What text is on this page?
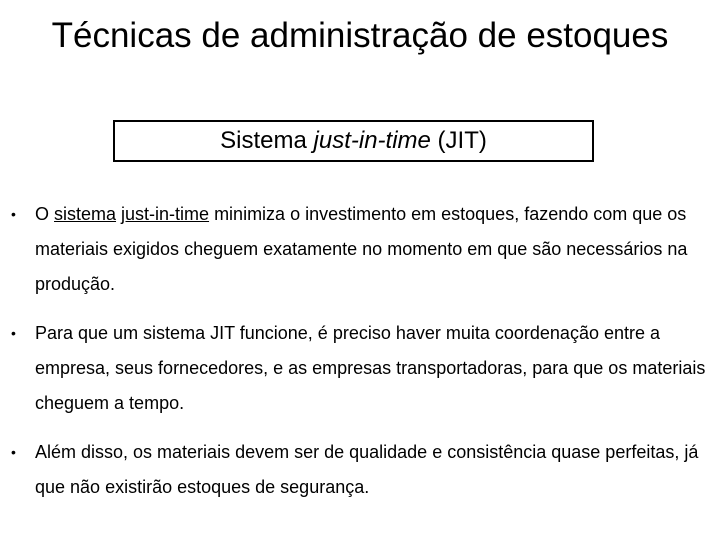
Técnicas de administração de estoques
Sistema just-in-time (JIT)
• O sistema just-in-time minimiza o investimento em estoques, fazendo com que os materiais exigidos cheguem exatamente no momento em que são necessários na produção.
• Para que um sistema JIT funcione, é preciso haver muita coordenação entre a empresa, seus fornecedores, e as empresas transportadoras, para que os materiais cheguem a tempo.
• Além disso, os materiais devem ser de qualidade e consistência quase perfeitas, já que não existirão estoques de segurança.
